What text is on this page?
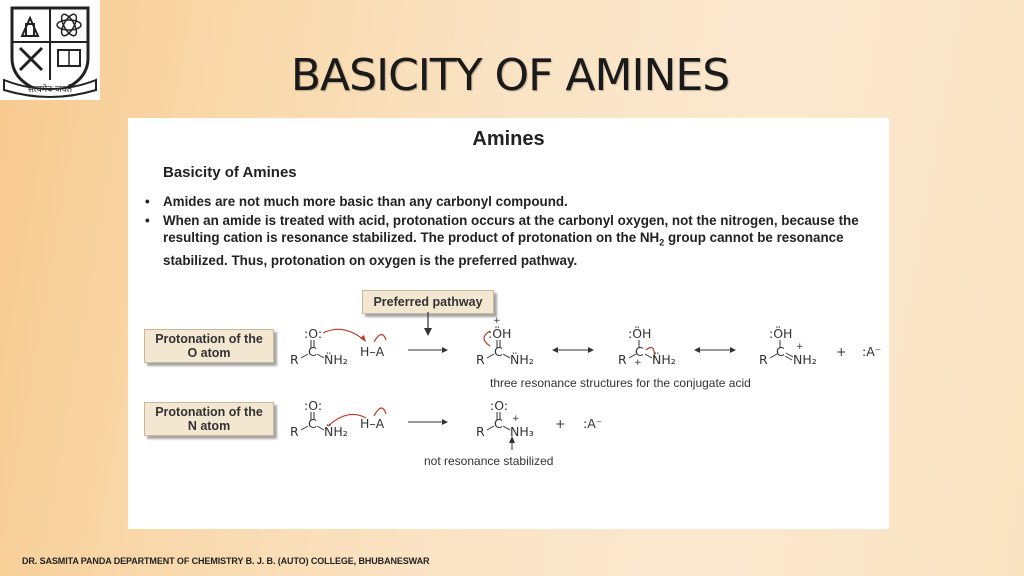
सत्यमेव जयते	BASICITY OF AMINES
Amines
Basicity of Amines
• Amides are not much more basic than any carbonyl compound.
• When an amide is treated with acid, protonation occurs at the carbonyl oxygen, not the nitrogen, because the resulting cation is resonance stabilized. The product of protonation on the $NH_2$ group cannot be resonance stabilized. Thus, protonation on oxygen is the preferred pathway.
Preferred pathway
Protonation of the O atom
Protonation of the N atom
:O:
R
C
N̈H₂
H–A
:ÖH
+
R
C
N̈H₂
:ÖH
R
C
+ N̈H₂
:ÖH
R
C +
NH₂
+ :A⁻
three resonance structures for the conjugate acid
:O:
R
C
N̈H₂
H–A
:O:
R
C +
NH₃
+ :A⁻
not resonance stabilized
DR. SASMITA PANDA DEPARTMENT OF CHEMISTRY B. J. B. (AUTO) COLLEGE, BHUBANESWAR
